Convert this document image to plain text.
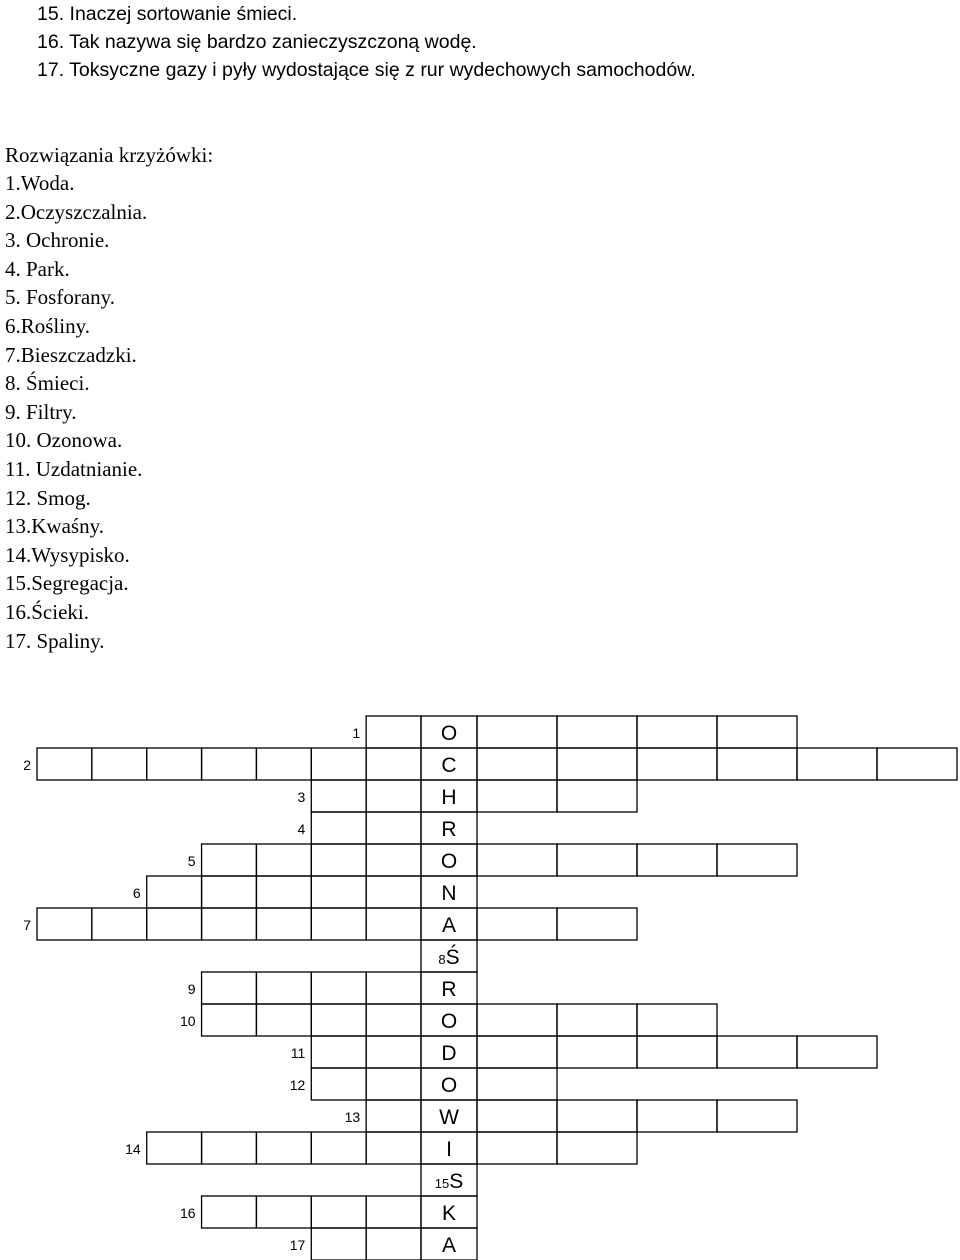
15. Inaczej sortowanie śmieci.
16. Tak nazywa się bardzo zanieczyszczoną wodę.
17. Toksyczne gazy i pyły wydostające się z rur wydechowych samochodów.
Rozwiązania krzyżówki:
1.Woda.
2.Oczyszczalnia.
3. Ochronie.
4. Park.
5. Fosforany.
6.Rośliny.
7.Bieszczadzki.
8. Śmieci.
9. Filtry.
10. Ozonowa.
11. Uzdatnianie.
12. Smog.
13.Kwaśny.
14.Wysypisko.
15.Segregacja.
16.Ścieki.
17. Spaliny.
1	O
2	C
3	H
4	R
5	O
6	N
7	A
8Ś
9	R
10	O
11	D
12	O
13	W
14	I
15S
16	K
17	A
